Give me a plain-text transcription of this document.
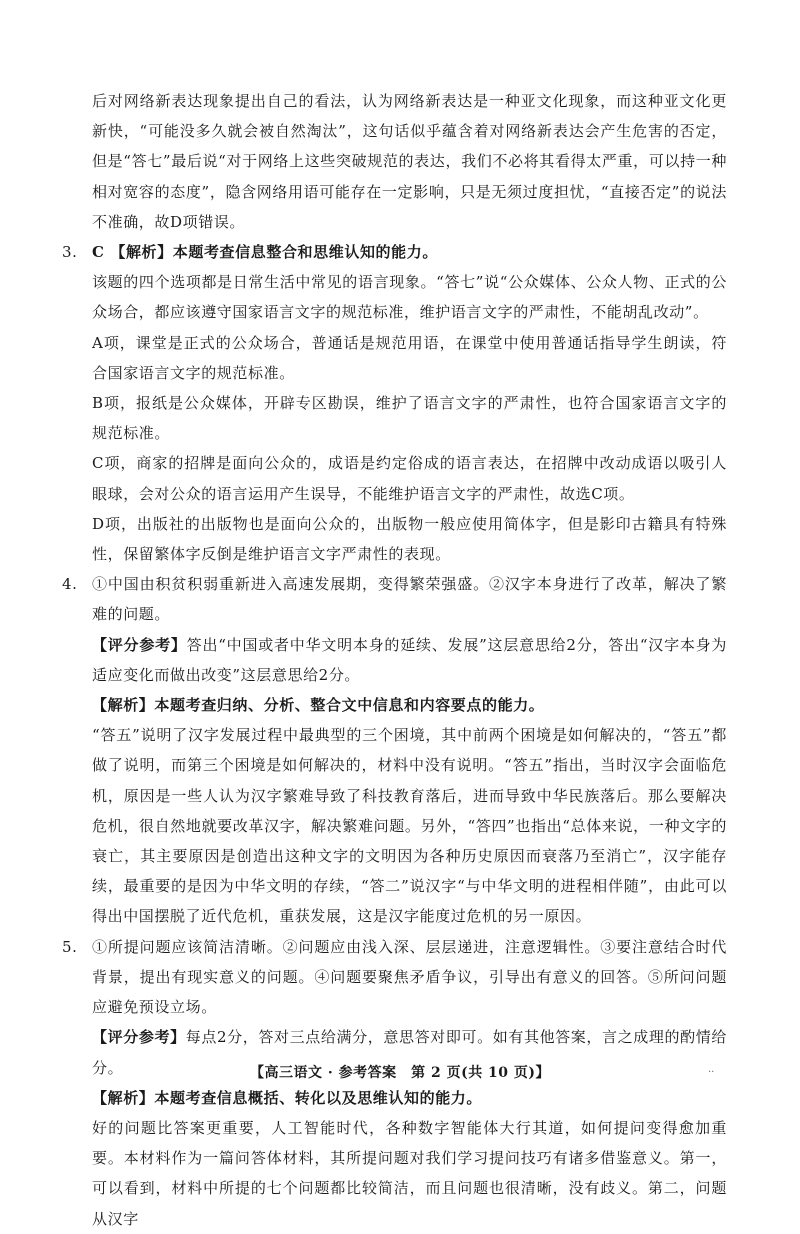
后对网络新表达现象提出自己的看法，认为网络新表达是一种亚文化现象，而这种亚文化更新快，“可能没多久就会被自然淘汰”，这句话似乎蕴含着对网络新表达会产生危害的否定，但是“答七”最后说“对于网络上这些突破规范的表达，我们不必将其看得太严重，可以持一种相对宽容的态度”，隐含网络用语可能存在一定影响，只是无须过度担忧，“直接否定”的说法不准确，故D项错误。

3. C 【解析】本题考查信息整合和思维认知的能力。

该题的四个选项都是日常生活中常见的语言现象。“答七”说“公众媒体、公众人物、正式的公众场合，都应该遵守国家语言文字的规范标准，维护语言文字的严肃性，不能胡乱改动”。

A项，课堂是正式的公众场合，普通话是规范用语，在课堂中使用普通话指导学生朗读，符合国家语言文字的规范标准。

B项，报纸是公众媒体，开辟专区勘误，维护了语言文字的严肃性，也符合国家语言文字的规范标准。

C项，商家的招牌是面向公众的，成语是约定俗成的语言表达，在招牌中改动成语以吸引人眼球，会对公众的语言运用产生误导，不能维护语言文字的严肃性，故选C项。

D项，出版社的出版物也是面向公众的，出版物一般应使用简体字，但是影印古籍具有特殊性，保留繁体字反倒是维护语言文字严肃性的表现。

4. ①中国由积贫积弱重新进入高速发展期，变得繁荣强盛。②汉字本身进行了改革，解决了繁难的问题。

【评分参考】答出“中国或者中华文明本身的延续、发展”这层意思给2分，答出“汉字本身为适应变化而做出改变”这层意思给2分。

【解析】本题考查归纳、分析、整合文中信息和内容要点的能力。

“答五”说明了汉字发展过程中最典型的三个困境，其中前两个困境是如何解决的，“答五”都做了说明，而第三个困境是如何解决的，材料中没有说明。“答五”指出，当时汉字会面临危机，原因是一些人认为汉字繁难导致了科技教育落后，进而导致中华民族落后。那么要解决危机，很自然地就要改革汉字，解决繁难问题。另外，“答四”也指出“总体来说，一种文字的衰亡，其主要原因是创造出这种文字的文明因为各种历史原因而衰落乃至消亡”，汉字能存续，最重要的是因为中华文明的存续，“答二”说汉字“与中华文明的进程相伴随”，由此可以得出中国摆脱了近代危机，重获发展，这是汉字能度过危机的另一原因。

5. ①所提问题应该简洁清晰。②问题应由浅入深、层层递进，注意逻辑性。③要注意结合时代背景，提出有现实意义的问题。④问题要聚焦矛盾争议，引导出有意义的回答。⑤所问问题应避免预设立场。

【评分参考】每点2分，答对三点给满分，意思答对即可。如有其他答案，言之成理的酌情给分。

【解析】本题考查信息概括、转化以及思维认知的能力。

好的问题比答案更重要，人工智能时代，各种数字智能体大行其道，如何提问变得愈加重要。本材料作为一篇问答体材料，其所提问题对我们学习提问技巧有诸多借鉴意义。第一，可以看到，材料中所提的七个问题都比较简洁，而且问题也很清晰，没有歧义。第二，问题从汉字

【高三语文 · 参考答案　第 2 页(共 10 页)】	..
